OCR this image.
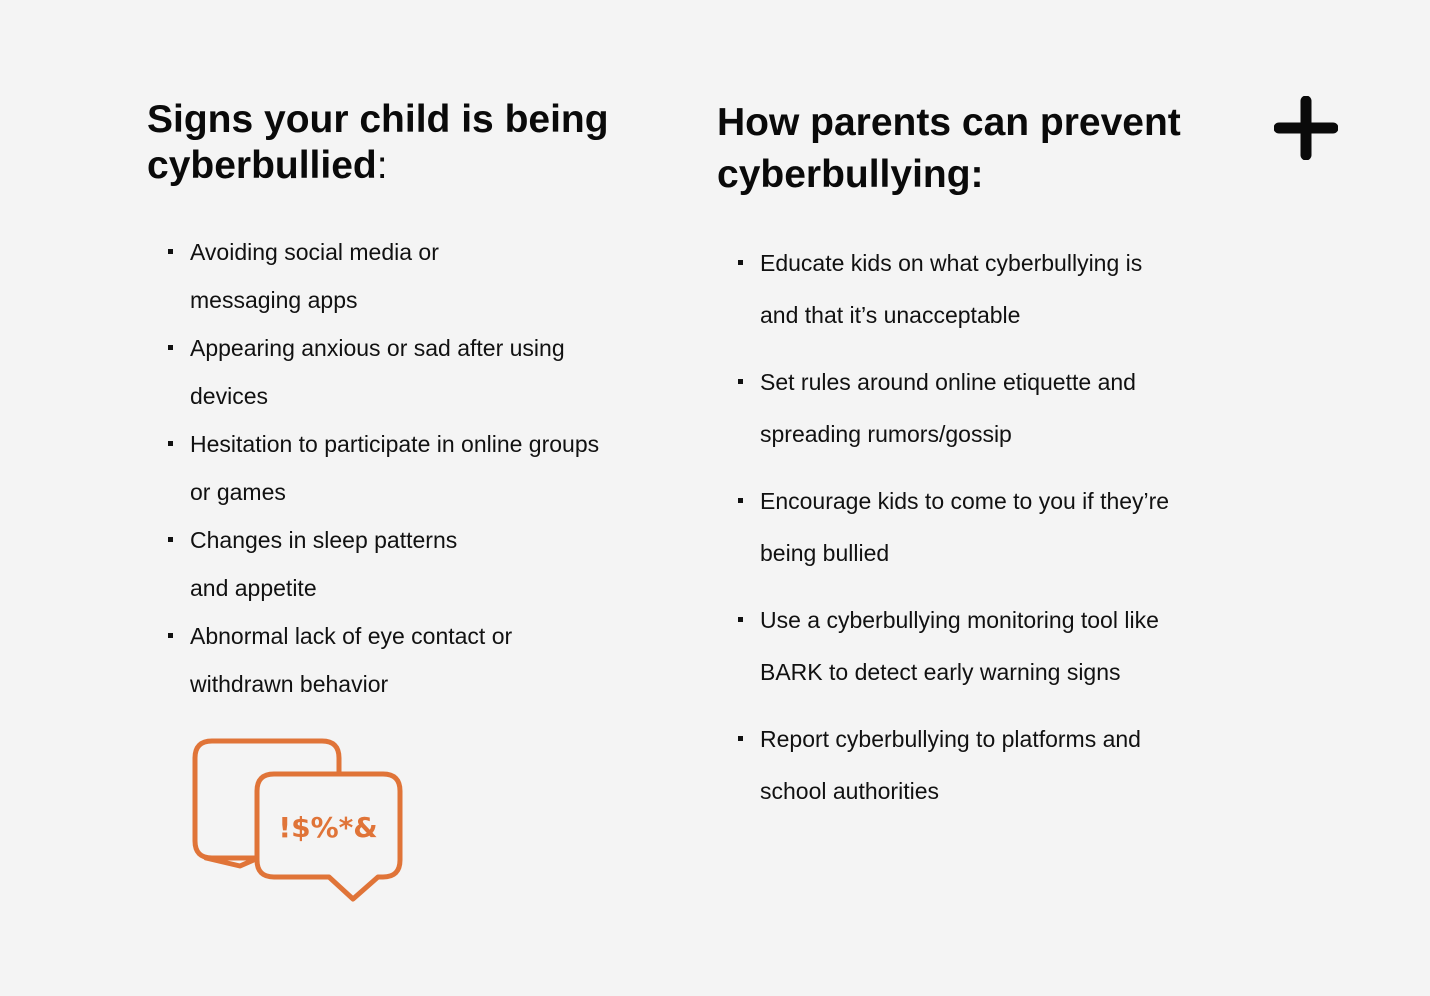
Signs your child is being
cyberbullied:
Avoiding social media or
messaging apps
Appearing anxious or sad after using
devices
Hesitation to participate in online groups
or games
Changes in sleep patterns
and appetite
Abnormal lack of eye contact or
withdrawn behavior
How parents can prevent
cyberbullying:
Educate kids on what cyberbullying is
and that it’s unacceptable
Set rules around online etiquette and
spreading rumors/gossip
Encourage kids to come to you if they’re
being bullied
Use a cyberbullying monitoring tool like
BARK to detect early warning signs
Report cyberbullying to platforms and
school authorities
!$%*&
